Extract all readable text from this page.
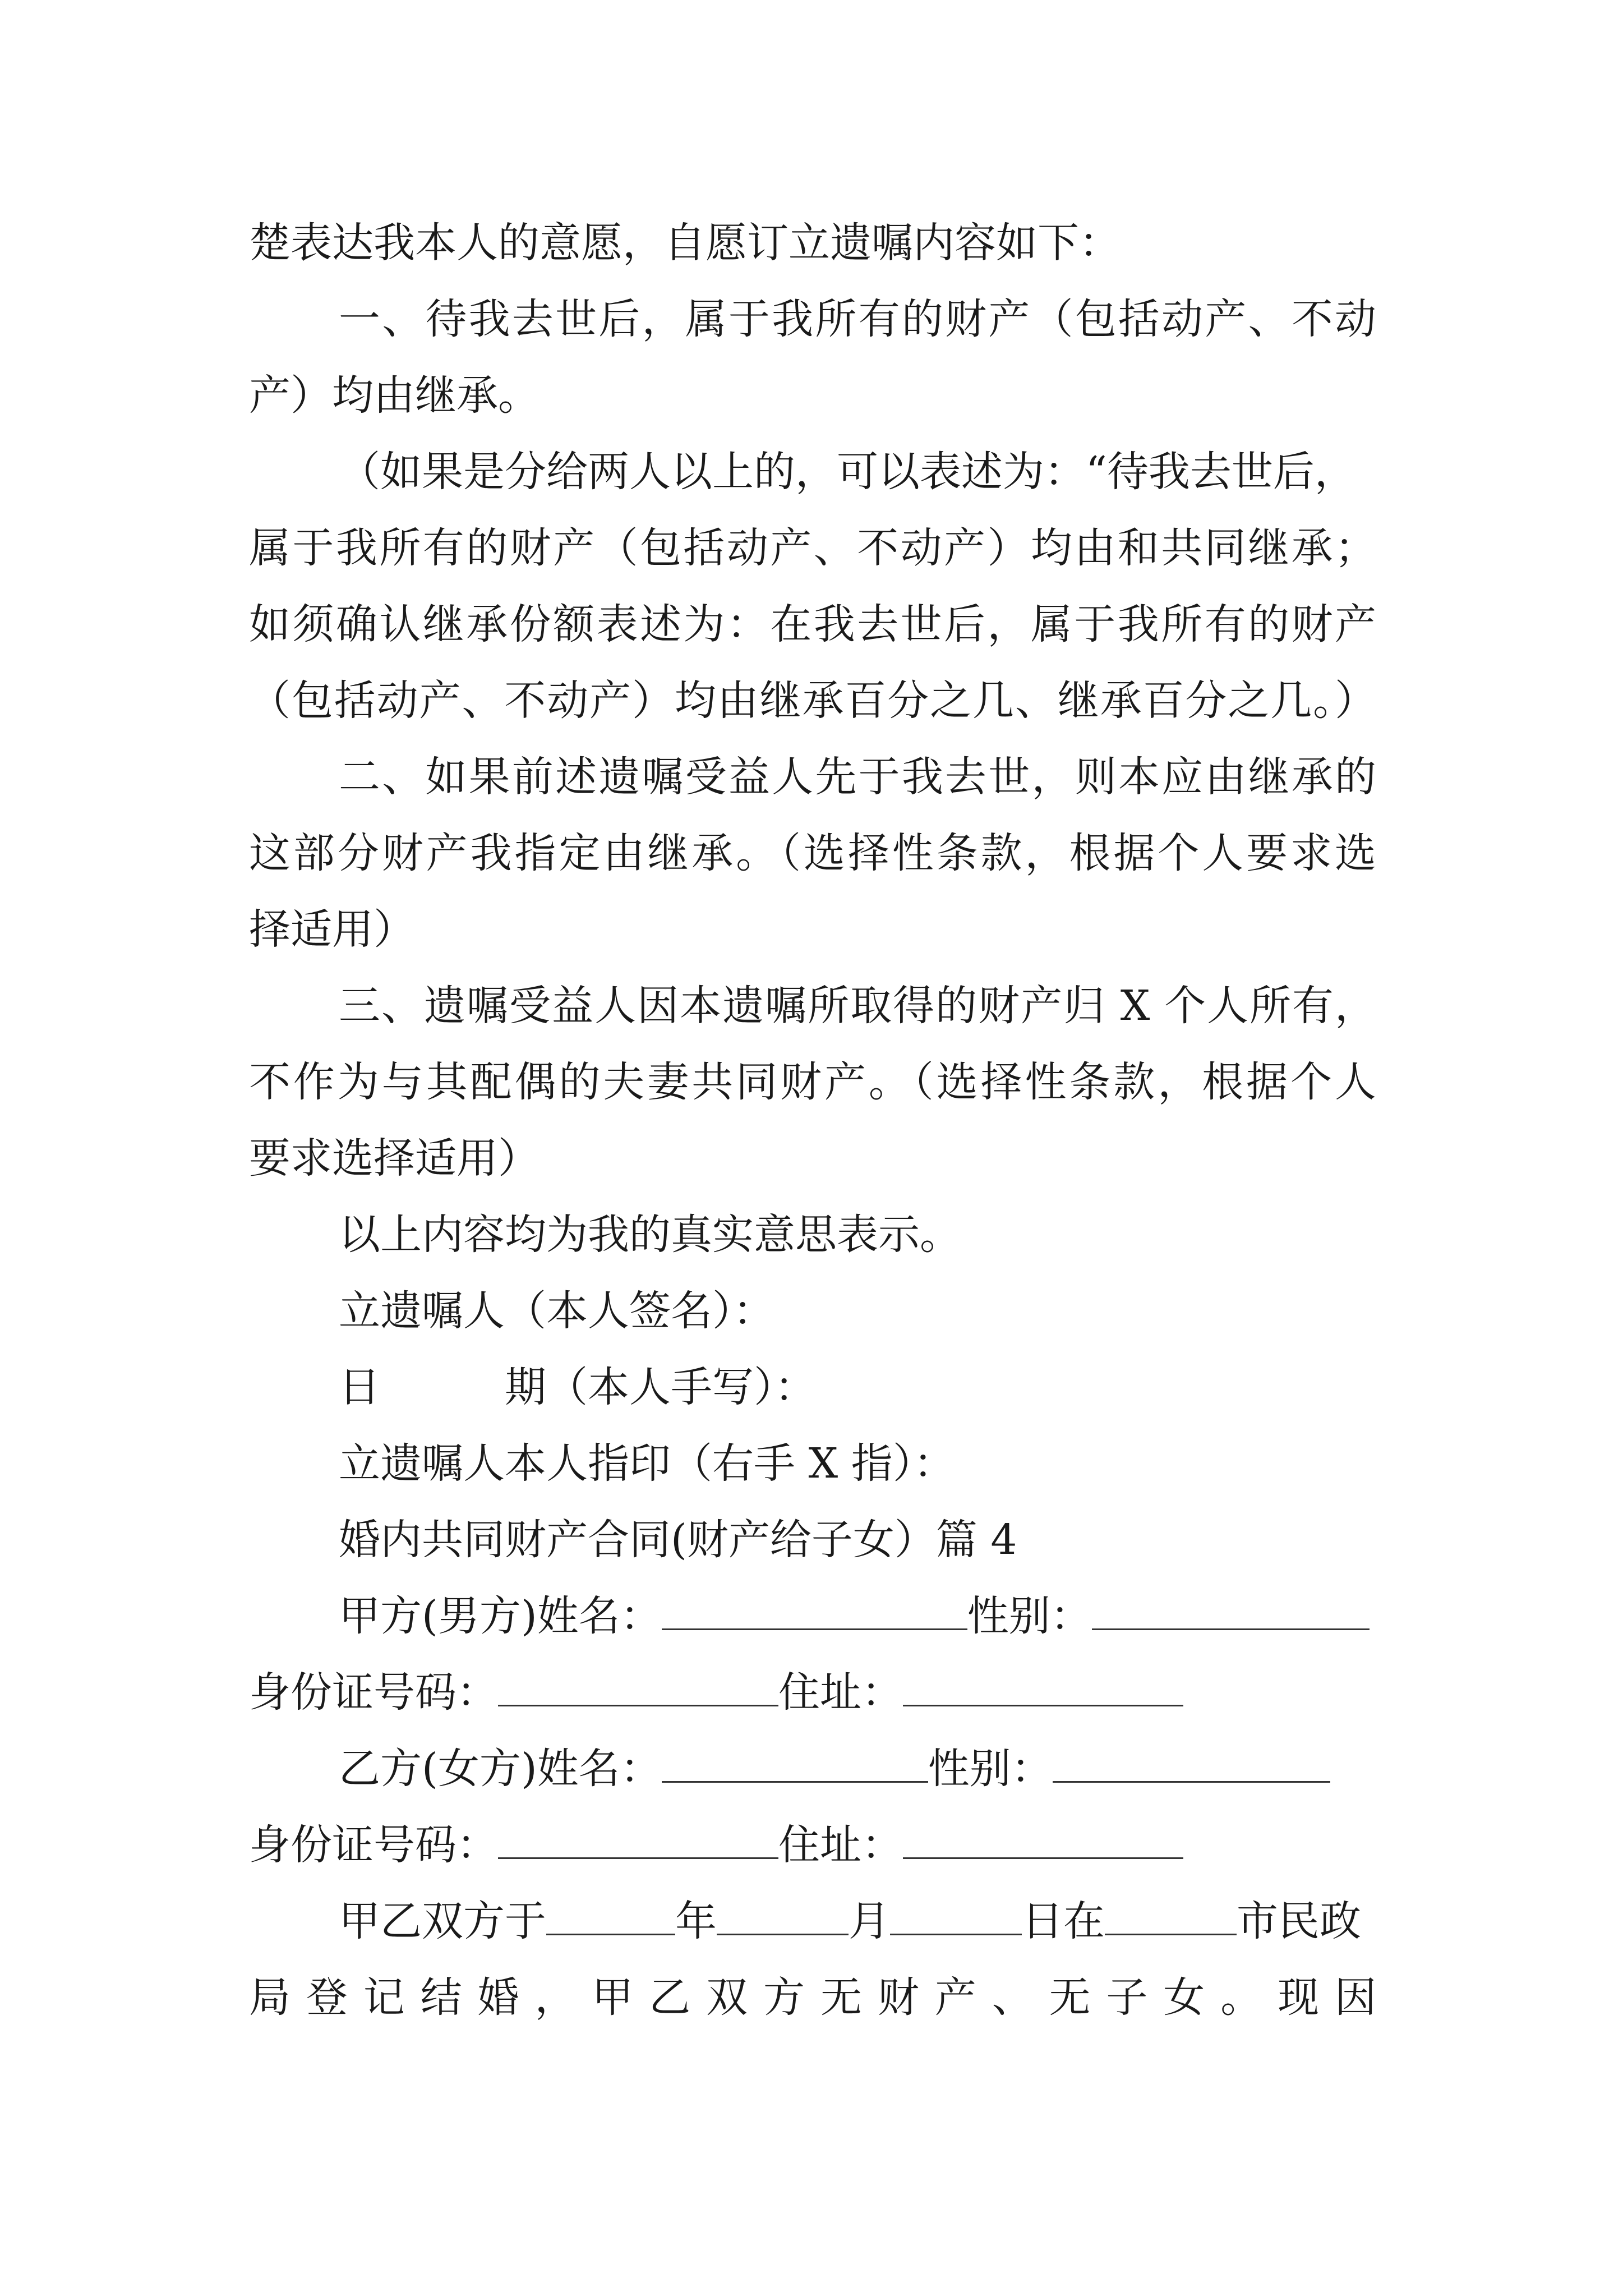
楚表达我本人的意愿，自愿订立遗嘱内容如下：
一、待我去世后，属于我所有的财产（包括动产、不动
产）均由继承。
（如果是分给两人以上的，可以表述为：“待我去世后，
属于我所有的财产（包括动产、不动产）均由和共同继承；
如须确认继承份额表述为：在我去世后，属于我所有的财产
（包括动产、不动产）均由继承百分之几、继承百分之几。）
二、如果前述遗嘱受益人先于我去世，则本应由继承的
这部分财产我指定由继承。（选择性条款，根据个人要求选
择适用）
三、遗嘱受益人因本遗嘱所取得的财产归 X 个人所有，
不作为与其配偶的夫妻共同财产。（选择性条款，根据个人
要求选择适用）
以上内容均为我的真实意思表示。
立遗嘱人（本人签名）：
日	期（本人手写）：
立遗嘱人本人指印（右手 X 指）：
婚内共同财产合同(财产给子女）篇 4
甲方(男方)姓名：	性别：
身份证号码：	住址：
乙方(女方)姓名：	性别：
身份证号码：	住址：
甲乙双方于	年	月	日在	市民政
局 登 记 结 婚 ， 甲 乙 双 方 无 财 产 、 无 子 女 。 现 因
